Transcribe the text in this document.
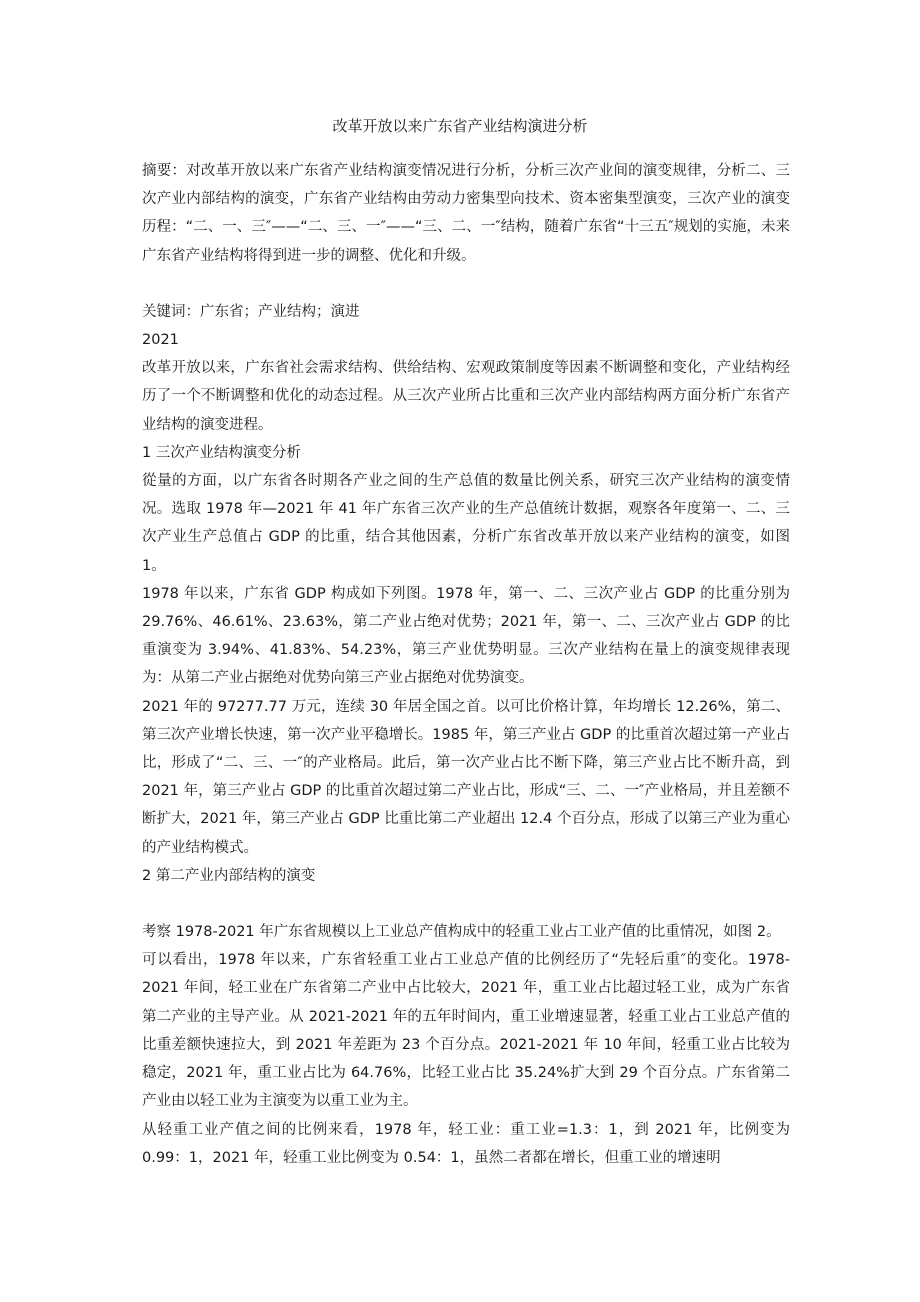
改革开放以来广东省产业结构演进分析

摘要：对改革开放以来广东省产业结构演变情况进行分析，分析三次产业间的演变规律，分析二、三次产业内部结构的演变，广东省产业结构由劳动力密集型向技术、资本密集型演变，三次产业的演变历程：“二、一、三″——“二、三、一″——“三、二、一″结构，随着广东省“十三五″规划的实施，未来广东省产业结构将得到进一步的调整、优化和升级。

关键词：广东省；产业结构；演进

2021

改革开放以来，广东省社会需求结构、供给结构、宏观政策制度等因素不断调整和变化，产业结构经历了一个不断调整和优化的动态过程。从三次产业所占比重和三次产业内部结构两方面分析广东省产业结构的演变进程。

1 三次产业结构演变分析

從量的方面，以广东省各时期各产业之间的生产总值的数量比例关系，研究三次产业结构的演变情况。选取 1978 年—2021 年 41 年广东省三次产业的生产总值统计数据，观察各年度第一、二、三次产业生产总值占 GDP 的比重，结合其他因素，分析广东省改革开放以来产业结构的演变，如图 1。

1978 年以来，广东省 GDP 构成如下列图。1978 年，第一、二、三次产业占 GDP 的比重分别为 29.76%、46.61%、23.63%，第二产业占绝对优势；2021 年，第一、二、三次产业占 GDP 的比重演变为 3.94%、41.83%、54.23%，第三产业优势明显。三次产业结构在量上的演变规律表现为：从第二产业占据绝对优势向第三产业占据绝对优势演变。

2021 年的 97277.77 万元，连续 30 年居全国之首。以可比价格计算，年均增长 12.26%，第二、第三次产业增长快速，第一次产业平稳增长。1985 年，第三产业占 GDP 的比重首次超过第一产业占比，形成了“二、三、一″的产业格局。此后，第一次产业占比不断下降，第三产业占比不断升高，到 2021 年，第三产业占 GDP 的比重首次超过第二产业占比，形成“三、二、一″产业格局，并且差额不断扩大，2021 年，第三产业占 GDP 比重比第二产业超出 12.4 个百分点，形成了以第三产业为重心的产业结构模式。

2 第二产业内部结构的演变

考察 1978-2021 年广东省规模以上工业总产值构成中的轻重工业占工业产值的比重情况，如图 2。

可以看出，1978 年以来，广东省轻重工业占工业总产值的比例经历了“先轻后重″的变化。1978-2021 年间，轻工业在广东省第二产业中占比较大，2021 年，重工业占比超过轻工业，成为广东省第二产业的主导产业。从 2021-2021 年的五年时间内，重工业增速显著，轻重工业占工业总产值的比重差额快速拉大，到 2021 年差距为 23 个百分点。2021-2021 年 10 年间，轻重工业占比较为稳定，2021 年，重工业占比为 64.76%，比轻工业占比 35.24%扩大到 29 个百分点。广东省第二产业由以轻工业为主演变为以重工业为主。

从轻重工业产值之间的比例来看，1978 年，轻工业：重工业=1.3：1，到 2021 年，比例变为 0.99：1，2021 年，轻重工业比例变为 0.54：1，虽然二者都在增长，但重工业的增速明
